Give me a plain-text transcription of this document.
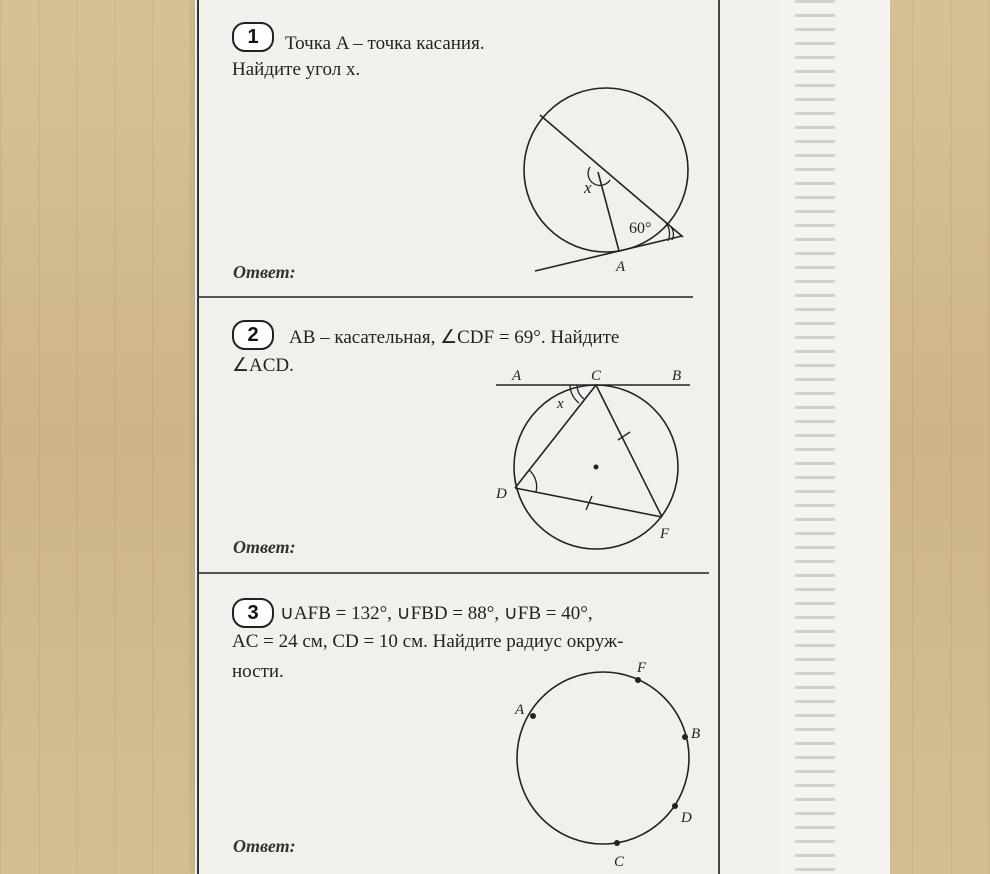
1	Точка A – точка касания.
Найдите угол x.
Ответ:
x
60°
A
2	AB – касательная, ∠CDF = 69°. Найдите
∠ACD.
Ответ:
A	C	B
x
D
F
3	∪AFB = 132°, ∪FBD = 88°, ∪FB = 40°,
AC = 24 см, CD = 10 см. Найдите радиус окруж-
ности.
Ответ:
A
F
B
D
C
